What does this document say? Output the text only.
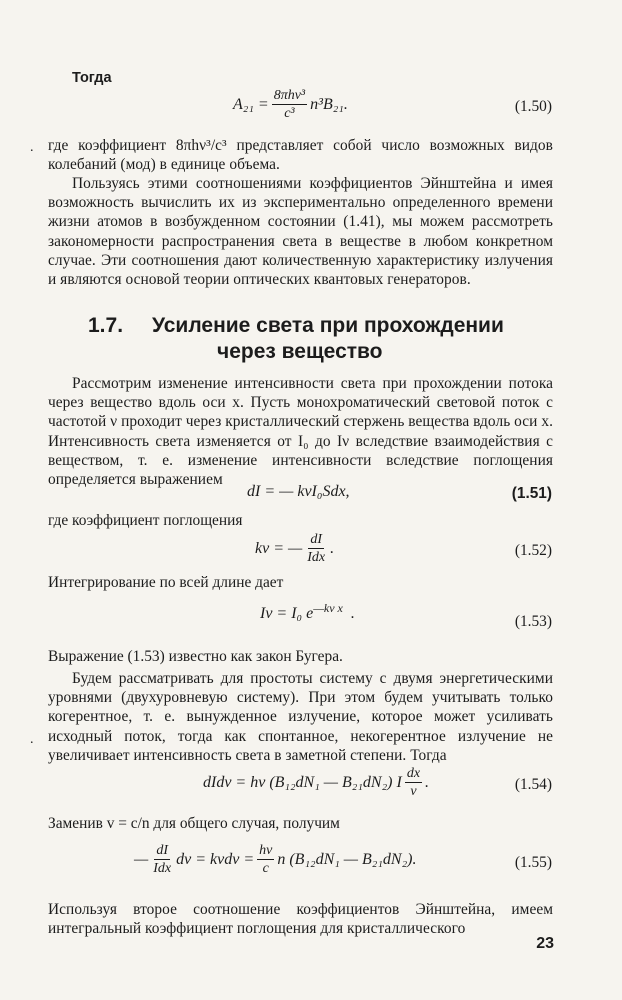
Тогда

$A_{21} = \frac{\text{8πhν³}}{\text{c³}} n^3B_{21}$.	(1.50)
. где коэффициент 8πhν³/c³ представляет собой число возможных видов колебаний (мод) в единице объема.

Пользуясь этими соотношениями коэффициентов Эйнштейна и имея возможность вычислить их из экспериментально определенного времени жизни атомов в возбужденном состоянии (1.41), мы можем рассмотреть закономерности распространения света в веществе в любом конкретном случае. Эти соотношения дают количественную характеристику излучения и являются основой теории оптических квантовых генераторов.

1.7. Усиление света при прохождении

через вещество

Рассмотрим изменение интенсивности света при прохождении потока через вещество вдоль оси x. Пусть монохроматический световой поток с частотой ν проходит через кристаллический стержень вещества вдоль оси x. Интенсивность света изменяется от I₀ до Iν вследствие взаимодействия с веществом, т. е. изменение интенсивности вследствие поглощения определяется выражением

dI = — kνI₀Sdx,	(1.51)

где коэффициент поглощения

kν = — $\frac{dI}{\text{Idx}}$ .	(1.52)

Интегрирование по всей длине дает

Iν = I₀ $e^{—k\nu x}$ .	(1.53)

Выражение (1.53) известно как закон Бугера.

Будем рассматривать для простоты систему с двумя энергетическими уровнями (двухуровневую систему). При этом будем учитывать только когерентное, т. е. вынужденное излучение, которое может усиливать исходный поток, тогда как спонтанное, некогерентное излучение не увеличивает интенсивность света в заметной степени. Тогда

.
dIdν = hν (B₁₂dN₁ — B₂₁dN₂) I $\frac{dx}{v}$ .	(1.54)

Заменив v = c/n для общего случая, получим

— $\frac{dI}{\text{Idx}}$ $d\nu = k\nu d\nu = \frac{h\nu}{c}$ n (B₁₂dN₁ — B₂₁dN₂).	(1.55)

Используя второе соотношение коэффициентов Эйнштейна, имеем интегральный коэффициент поглощения для кристаллического

23
